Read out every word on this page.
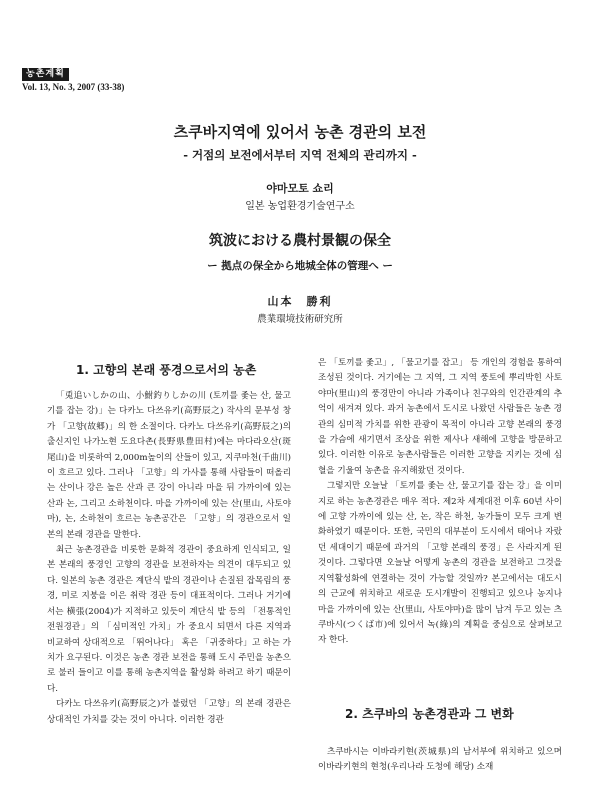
농촌계획
Vol. 13, No. 3, 2007 (33-38)
츠쿠바지역에 있어서 농촌 경관의 보전
- 거점의 보전에서부터 지역 전체의 관리까지 -
야마모토 쇼리
일본 농업환경기술연구소
筑波における農村景観の保全
ー 拠点の保全から地城全体の管理へ ー
山本　勝利
農業環境技術研究所
1. 고향의 본래 풍경으로서의 농촌

「兎追いしかの山、小鮒釣りしかの川 (토끼를 좇는 산, 물고기를 잡는 강)」는 다카노 다쓰유키(高野辰之) 작사의 문부성 창가 「고향(故郷)」의 한 소절이다. 다카노 다쓰유키(高野辰之)의 출신지인 나가노현 도요다촌(長野県豊田村)에는 마다라오산(斑尾山)을 비롯하여 2,000m높이의 산들이 있고, 지쿠마천(千曲川)이 흐르고 있다. 그러나 「고향」의 가사를 통해 사람들이 떠올리는 산이나 강은 높은 산과 큰 강이 아니라 마을 뒤 가까이에 있는 산과 논, 그리고 소하천이다. 마을 가까이에 있는 산(里山, 사토야마), 논, 소하천이 흐르는 농촌공간은 「고향」의 경관으로서 일본의 본래 경관을 말한다.

최근 농촌경관을 비롯한 문화적 경관이 중요하게 인식되고, 일본 본래의 풍경인 고향의 경관을 보전하자는 의견이 대두되고 있다. 일본의 농촌 경관은 계단식 밭의 경관이나 손질된 잡목림의 풍경, 미로 지붕을 이은 취락 경관 등이 대표적이다. 그러나 거기에서는 横張(2004)가 지적하고 있듯이 계단식 밭 등의 「전통적인 전원경관」의 「심미적인 가치」가 중요시 되면서 다른 지역과 비교하여 상대적으로 「뛰어나다」 혹은 「귀중하다」고 하는 가치가 요구된다. 이것은 농촌 경관 보전을 통해 도시 주민을 농촌으로 불러 들이고 이를 통해 농촌지역을 활성화 하려고 하기 때문이다.

다카노 다쓰유키(高野辰之)가 불렀던 「고향」의 본래 경관은 상대적인 가치를 갖는 것이 아니다. 이러한 경관

은 「토끼를 좇고」, 「물고기를 잡고」 등 개인의 경험을 통하여 조성된 것이다. 거기에는 그 지역, 그 지역 풍토에 뿌리박힌 사토야마(里山)의 풍경만이 아니라 가족이나 친구와의 인간관계의 추억이 새겨져 있다. 과거 농촌에서 도시로 나왔던 사람들은 농촌 경관의 심미적 가치를 위한 관광이 목적이 아니라 고향 본래의 풍경을 가슴에 새기면서 조상을 위한 제사나 새해에 고향을 방문하고 있다. 이러한 이유로 농촌사람들은 이러한 고향을 지키는 것에 심혈을 기울여 농촌을 유지해왔던 것이다.

그렇지만 오늘날 「토끼를 좇는 산, 물고기를 잡는 강」을 이미지로 하는 농촌경관은 매우 적다. 제2차 세계대전 이후 60년 사이에 고향 가까이에 있는 산, 논, 작은 하천, 농가들이 모두 크게 변화하였기 때문이다. 또한, 국민의 대부분이 도시에서 태어나 자랐던 세대이기 때문에 과거의 「고향 본래의 풍경」은 사라지게 된 것이다. 그렇다면 오늘날 어떻게 농촌의 경관을 보전하고 그것을 지역활성화에 연결하는 것이 가능할 것일까? 본고에서는 대도시의 근교에 위치하고 새로운 도시개발이 진행되고 있으나 농지나 마을 가까이에 있는 산(里山, 사토야마)을 많이 남겨 두고 있는 츠쿠바시(つくば市)에 있어서 녹(綠)의 계획을 중심으로 살펴보고자 한다.

2. 츠쿠바의 농촌경관과 그 변화

츠쿠바시는 이바라키현(茨城県)의 남서부에 위치하고 있으며 이바라키현의 현청(우리나라 도청에 해당) 소재
